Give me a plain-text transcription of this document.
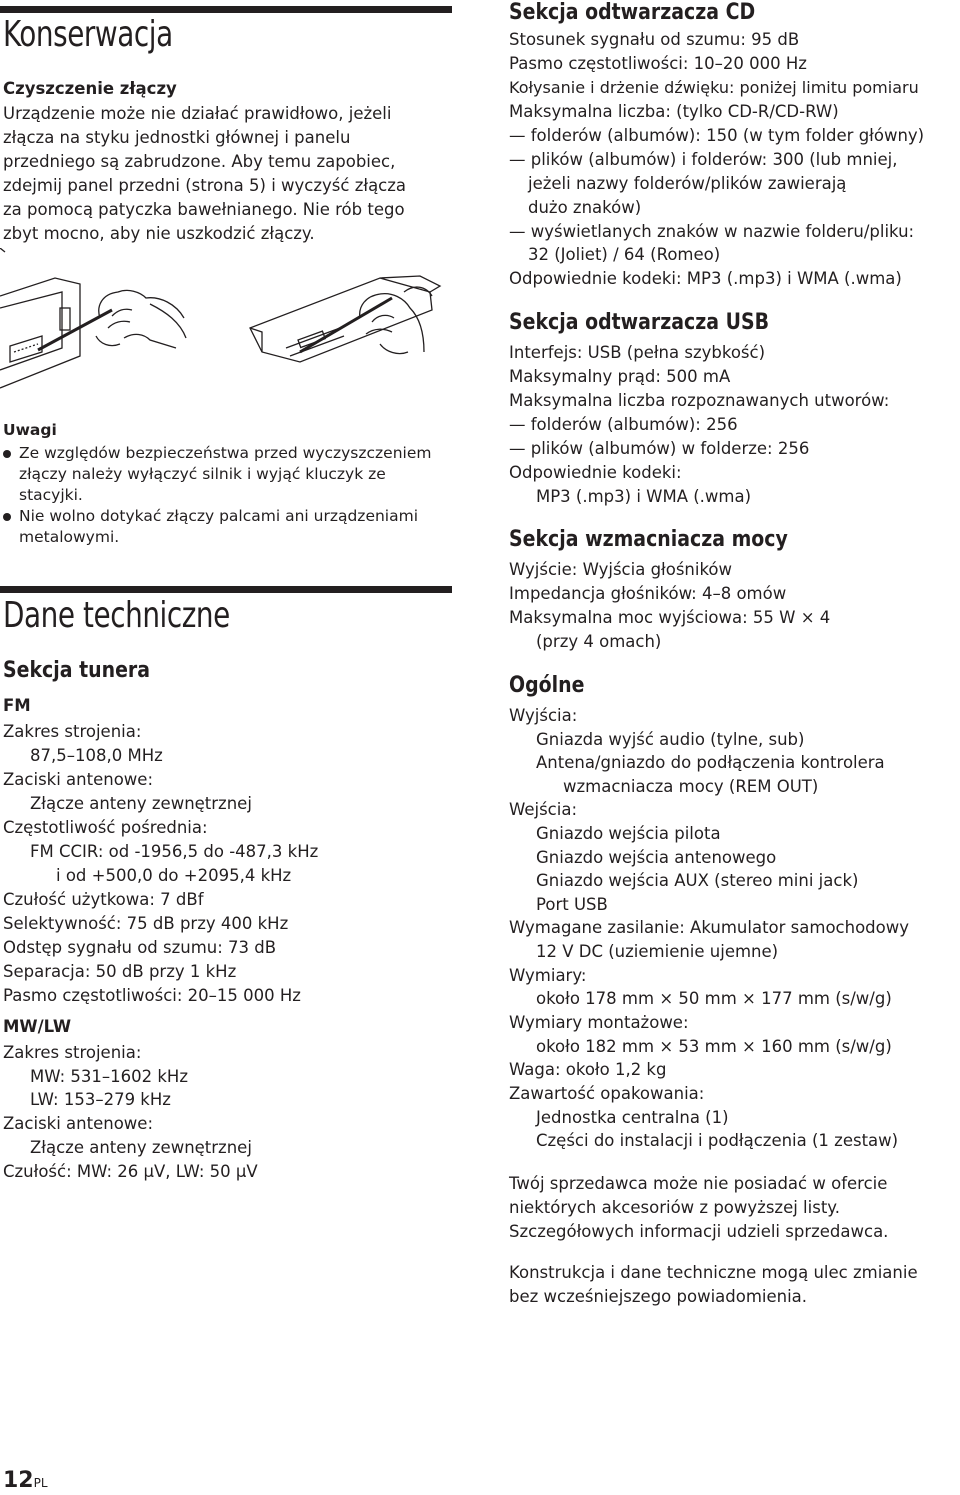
Konserwacja
Czyszczenie złączy
Urządzenie może nie działać prawidłowo, jeżeli
złącza na styku jednostki głównej i panelu
przedniego są zabrudzone. Aby temu zapobiec,
zdejmij panel przedni (strona 5) i wyczyść złącza
za pomocą patyczka bawełnianego. Nie rób tego
zbyt mocno, aby nie uszkodzić złączy.
Uwagi
Ze względów bezpieczeństwa przed wyczyszczeniem
złączy należy wyłączyć silnik i wyjąć kluczyk ze
stacyjki.
Nie wolno dotykać złączy palcami ani urządzeniami
metalowymi.
Dane techniczne
Sekcja tunera
FM
Zakres strojenia:
87,5–108,0 MHz
Zaciski antenowe:
Złącze anteny zewnętrznej
Częstotliwość pośrednia:
FM CCIR: od -1956,5 do -487,3 kHz
i od +500,0 do +2095,4 kHz
Czułość użytkowa: 7 dBf
Selektywność: 75 dB przy 400 kHz
Odstęp sygnału od szumu: 73 dB
Separacja: 50 dB przy 1 kHz
Pasmo częstotliwości: 20–15 000 Hz
MW/LW
Zakres strojenia:
MW: 531–1602 kHz
LW: 153–279 kHz
Zaciski antenowe:
Złącze anteny zewnętrznej
Czułość: MW: 26 µV, LW: 50 µV
12PL
Sekcja odtwarzacza CD
Stosunek sygnału od szumu: 95 dB
Pasmo częstotliwości: 10–20 000 Hz
Kołysanie i drżenie dźwięku: poniżej limitu pomiaru
Maksymalna liczba: (tylko CD-R/CD-RW)
— folderów (albumów): 150 (w tym folder główny)
— plików (albumów) i folderów: 300 (lub mniej,
jeżeli nazwy folderów/plików zawierają
dużo znaków)
— wyświetlanych znaków w nazwie folderu/pliku:
32 (Joliet) / 64 (Romeo)
Odpowiednie kodeki: MP3 (.mp3) i WMA (.wma)
Sekcja odtwarzacza USB
Interfejs: USB (pełna szybkość)
Maksymalny prąd: 500 mA
Maksymalna liczba rozpoznawanych utworów:
— folderów (albumów): 256
— plików (albumów) w folderze: 256
Odpowiednie kodeki:
MP3 (.mp3) i WMA (.wma)
Sekcja wzmacniacza mocy
Wyjście: Wyjścia głośników
Impedancja głośników: 4–8 omów
Maksymalna moc wyjściowa: 55 W × 4
(przy 4 omach)
Ogólne
Wyjścia:
Gniazda wyjść audio (tylne, sub)
Antena/gniazdo do podłączenia kontrolera
wzmacniacza mocy (REM OUT)
Wejścia:
Gniazdo wejścia pilota
Gniazdo wejścia antenowego
Gniazdo wejścia AUX (stereo mini jack)
Port USB
Wymagane zasilanie: Akumulator samochodowy
12 V DC (uziemienie ujemne)
Wymiary:
około 178 mm × 50 mm × 177 mm (s/w/g)
Wymiary montażowe:
około 182 mm × 53 mm × 160 mm (s/w/g)
Waga: około 1,2 kg
Zawartość opakowania:
Jednostka centralna (1)
Części do instalacji i podłączenia (1 zestaw)
Twój sprzedawca może nie posiadać w ofercie
niektórych akcesoriów z powyższej listy.
Szczegółowych informacji udzieli sprzedawca.
Konstrukcja i dane techniczne mogą ulec zmianie
bez wcześniejszego powiadomienia.
